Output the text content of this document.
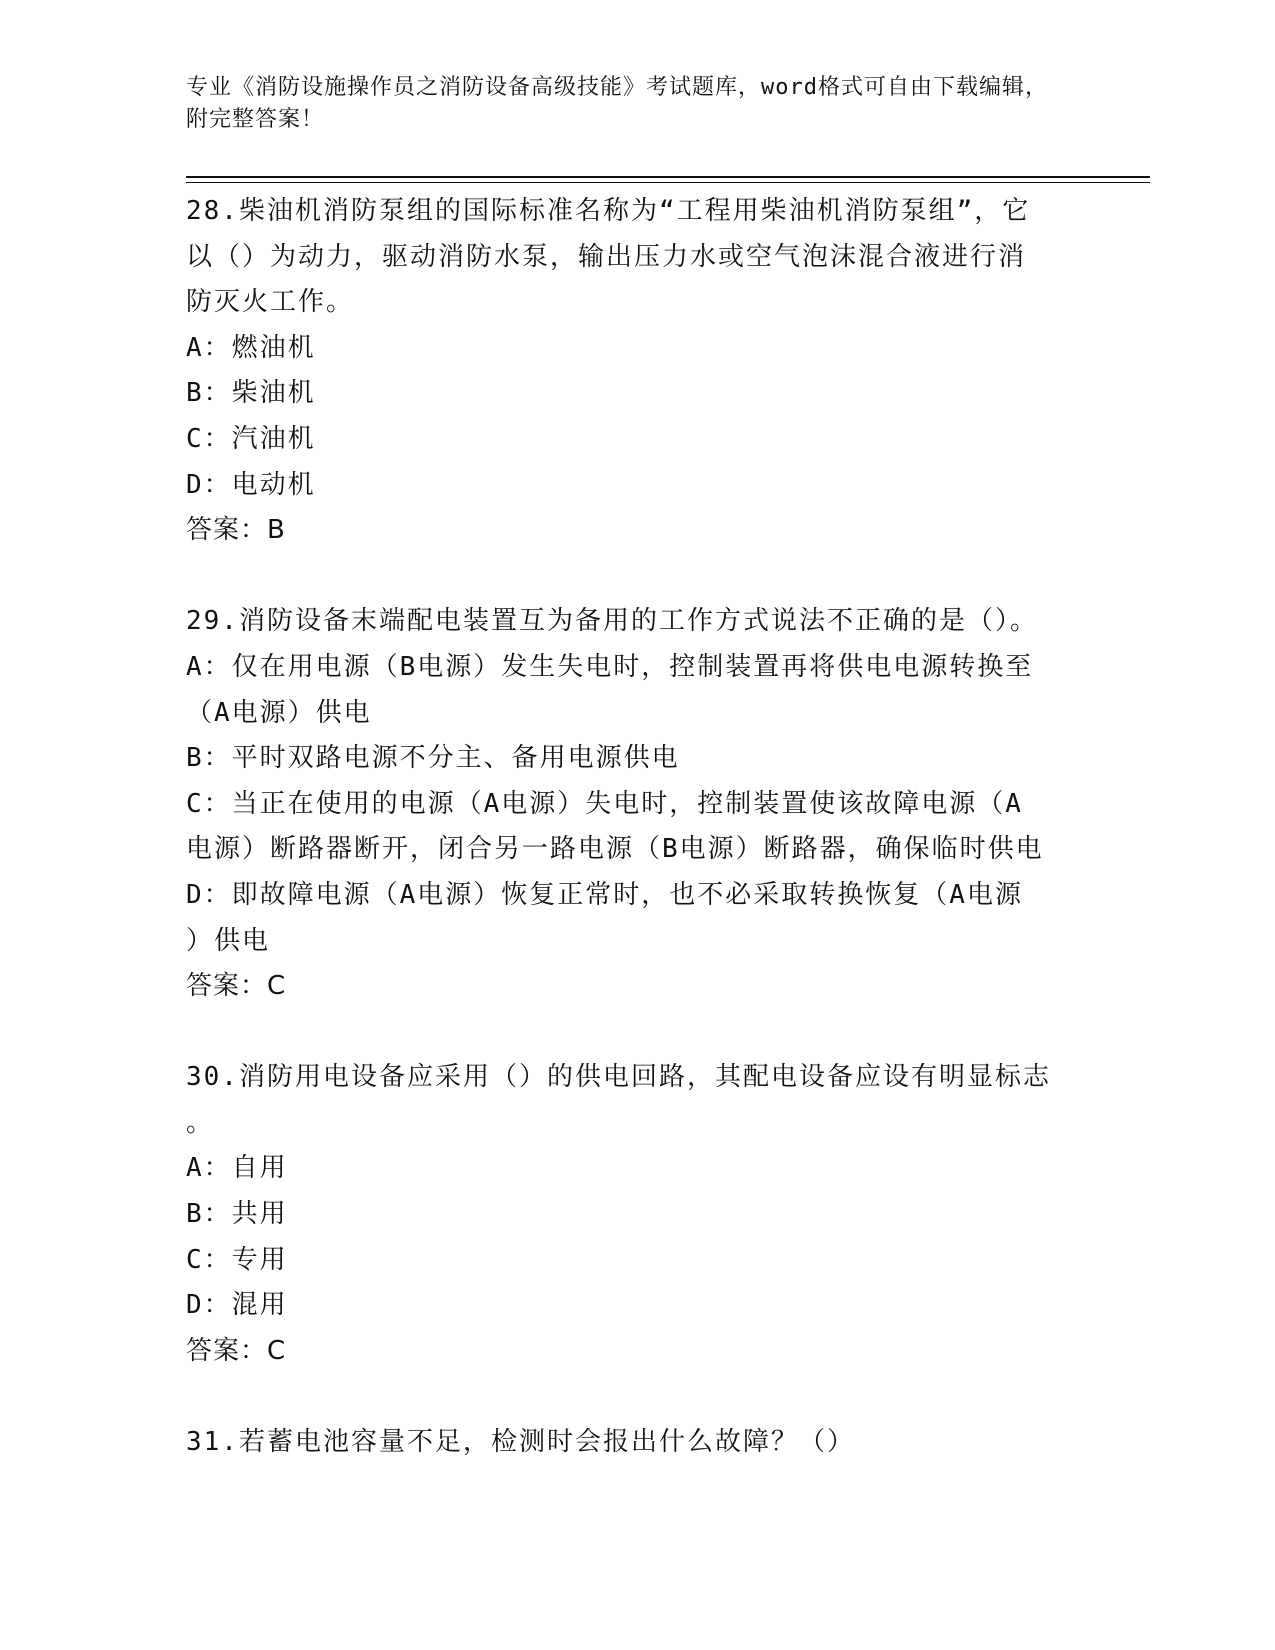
专业《消防设施操作员之消防设备高级技能》考试题库，word格式可自由下载编辑，附完整答案！

28.柴油机消防泵组的国际标准名称为“工程用柴油机消防泵组”，它

以（）为动力，驱动消防水泵，输出压力水或空气泡沫混合液进行消

防灭火工作。

A：燃油机

B：柴油机

C：汽油机

D：电动机

答案：B

29.消防设备末端配电装置互为备用的工作方式说法不正确的是（）。

A：仅在用电源（B电源）发生失电时，控制装置再将供电电源转换至

（A电源）供电

B：平时双路电源不分主、备用电源供电

C：当正在使用的电源（A电源）失电时，控制装置使该故障电源（A

电源）断路器断开，闭合另一路电源（B电源）断路器，确保临时供电

D：即故障电源（A电源）恢复正常时，也不必采取转换恢复（A电源

）供电

答案：C

30.消防用电设备应采用（）的供电回路，其配电设备应设有明显标志

。

A：自用

B：共用

C：专用

D：混用

答案：C

31.若蓄电池容量不足，检测时会报出什么故障？（）
